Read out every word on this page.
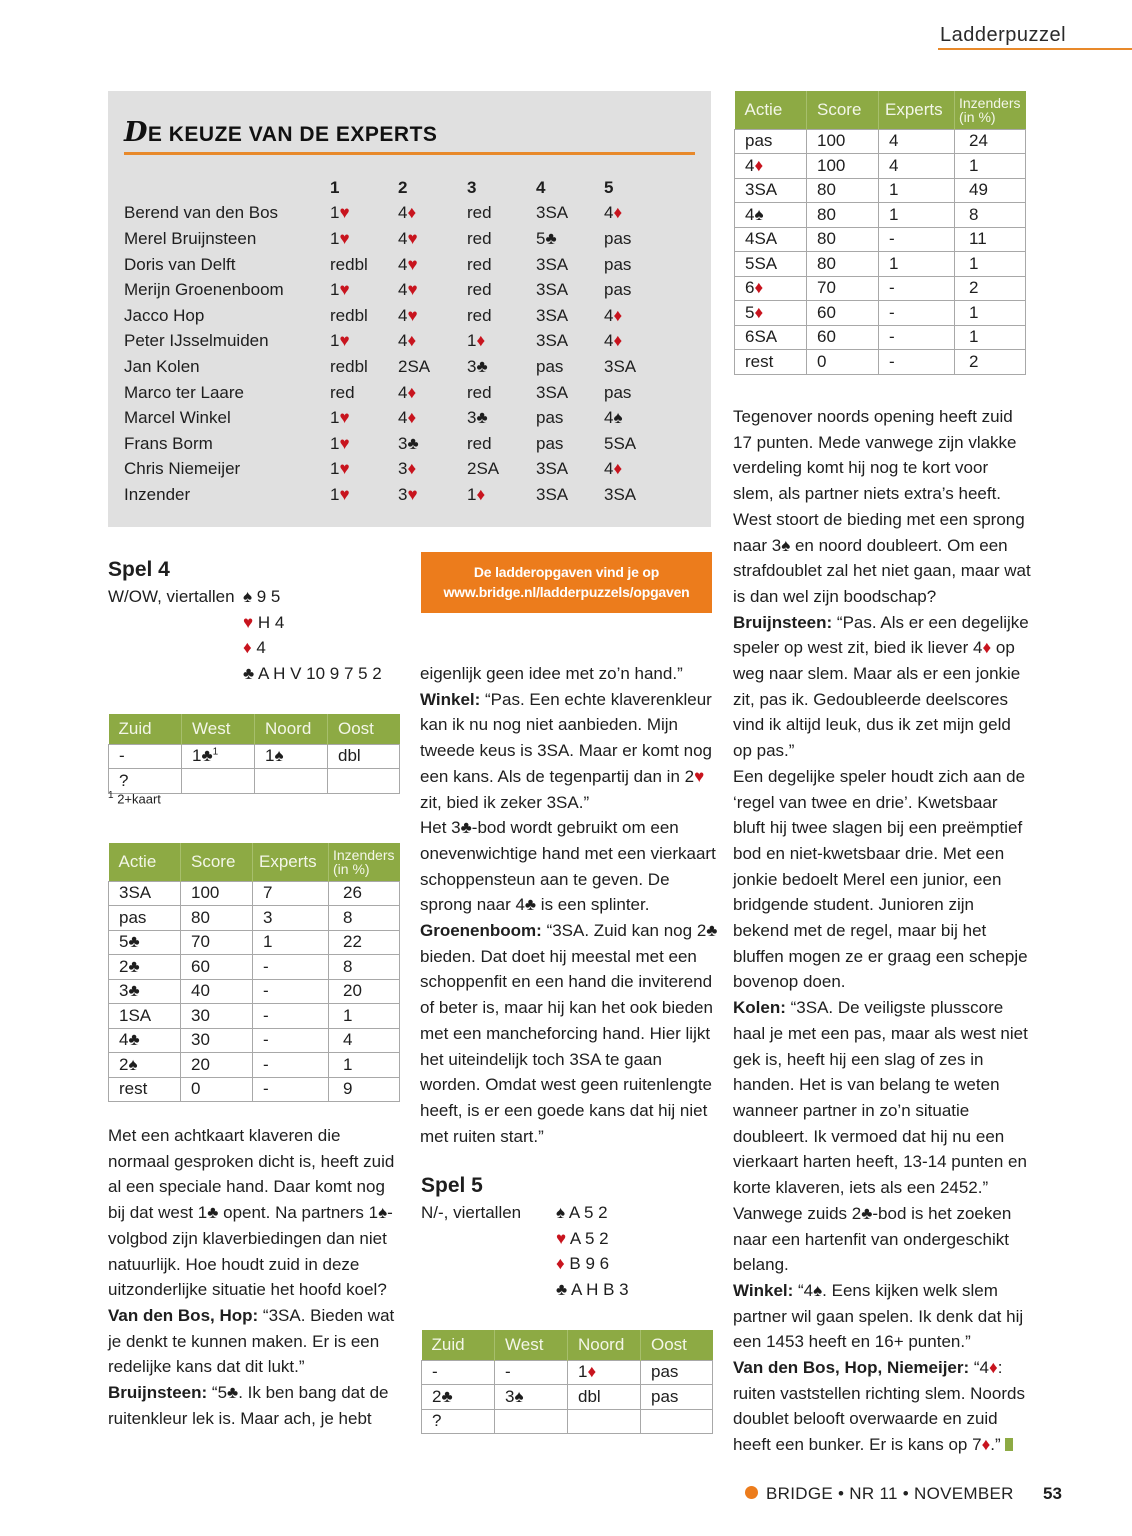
Ladderpuzzel
DE KEUZE VAN DE EXPERTS
	1	2	3	4	5
Berend van den Bos	1♥	4♦	red	3SA	4♦
Merel Bruijnsteen	1♥	4♥	red	5♣	pas
Doris van Delft	redbl	4♥	red	3SA	pas
Merijn Groenenboom	1♥	4♥	red	3SA	pas
Jacco Hop	redbl	4♥	red	3SA	4♦
Peter IJsselmuiden	1♥	4♦	1♦	3SA	4♦
Jan Kolen	redbl	2SA	3♣	pas	3SA
Marco ter Laare	red	4♦	red	3SA	pas
Marcel Winkel	1♥	4♦	3♣	pas	4♠
Frans Borm	1♥	3♣	red	pas	5SA
Chris Niemeijer	1♥	3♦	2SA	3SA	4♦
Inzender	1♥	3♥	1♦	3SA	3SA
Actie	Score	Experts	Inzenders
(in %)
pas	100	4	24
4♦	100	4	1
3SA	80	1	49
4♠	80	1	8
4SA	80	-	11
5SA	80	1	1
6♦	70	-	2
5♦	60	-	1
6SA	60	-	1
rest	0	-	2
Spel 4
W/OW, viertallen ♠ 9 5
♥ H 4
♦ 4
♣ A H V 10 9 7 5 2
Zuid	West	Noord	Oost
-	1♣$^1$	1♠	dbl
?			
$^1$ 2+kaart
Actie	Score	Experts	Inzenders
(in %)
3SA	100	7	26
pas	80	3	8
5♣	70	1	22
2♣	60	-	8
3♣	40	-	20
1SA	30	-	1
4♣	30	-	4
2♠	20	-	1
rest	0	-	9

Met een achtkaart klaveren die normaal gesproken dicht is, heeft zuid al een speciale hand. Daar komt nog bij dat west 1♣ opent. Na partners 1♠-volgbod zijn klaverbiedingen dan niet natuurlijk. Hoe houdt zuid in deze uitzonderlijke situatie het hoofd koel?

Van den Bos, Hop: “3SA. Bieden wat je denkt te kunnen maken. Er is een redelijke kans dat dit lukt.”

Bruijnsteen: “5♣. Ik ben bang dat de ruitenkleur lek is. Maar ach, je hebt

eigenlijk geen idee met zo’n hand.”

Winkel: “Pas. Een echte klaverenkleur kan ik nu nog niet aanbieden. Mijn tweede keus is 3SA. Maar er komt nog een kans. Als de tegenpartij dan in 2♥ zit, bied ik zeker 3SA.”

Het 3♣-bod wordt gebruikt om een onevenwichtige hand met een vierkaart schoppensteun aan te geven. De sprong naar 4♣ is een splinter.

Groenenboom: “3SA. Zuid kan nog 2♣ bieden. Dat doet hij meestal met een schoppenfit en een hand die inviterend of beter is, maar hij kan het ook bieden met een mancheforcing hand. Hier lijkt het uiteindelijk toch 3SA te gaan worden. Omdat west geen ruitenlengte heeft, is er een goede kans dat hij niet met ruiten start.”

Tegenover noords opening heeft zuid 17 punten. Mede vanwege zijn vlakke verdeling komt hij nog te kort voor slem, als partner niets extra’s heeft. West stoort de bieding met een sprong naar 3♠ en noord doubleert. Om een strafdoublet zal het niet gaan, maar wat is dan wel zijn boodschap?

Bruijnsteen: “Pas. Als er een degelijke speler op west zit, bied ik liever 4♦ op weg naar slem. Maar als er een jonkie zit, pas ik. Gedoubleerde deelscores vind ik altijd leuk, dus ik zet mijn geld op pas.”

Een degelijke speler houdt zich aan de ‘regel van twee en drie’. Kwetsbaar bluft hij twee slagen bij een preëmptief bod en niet-kwetsbaar drie. Met een jonkie bedoelt Merel een junior, een bridgende student. Junioren zijn bekend met de regel, maar bij het bluffen mogen ze er graag een schepje bovenop doen.

Kolen: “3SA. De veiligste plusscore haal je met een pas, maar als west niet gek is, heeft hij een slag of zes in handen. Het is van belang te weten wanneer partner in zo’n situatie doubleert. Ik vermoed dat hij nu een vierkaart harten heeft, 13-14 punten en korte klaveren, iets als een 2452.”

Vanwege zuids 2♣-bod is het zoeken naar een hartenfit van ondergeschikt belang.

Winkel: “4♠. Eens kijken welk slem partner wil gaan spelen. Ik denk dat hij een 1453 heeft en 16+ punten.”

Van den Bos, Hop, Niemeijer: “4♦: ruiten vaststellen richting slem. Noords doublet belooft overwaarde en zuid heeft een bunker. Er is kans op 7♦.”

De ladderopgaven vind je op
www.bridge.nl/ladderpuzzels/opgaven
Spel 5
N/-, viertallen ♠ A 5 2
♥ A 5 2
♦ B 9 6
♣ A H B 3
Zuid	West	Noord	Oost
-	-	1♦	pas
2♣	3♠	dbl	pas
?			
BRIDGE • NR 11 • NOVEMBER 53
